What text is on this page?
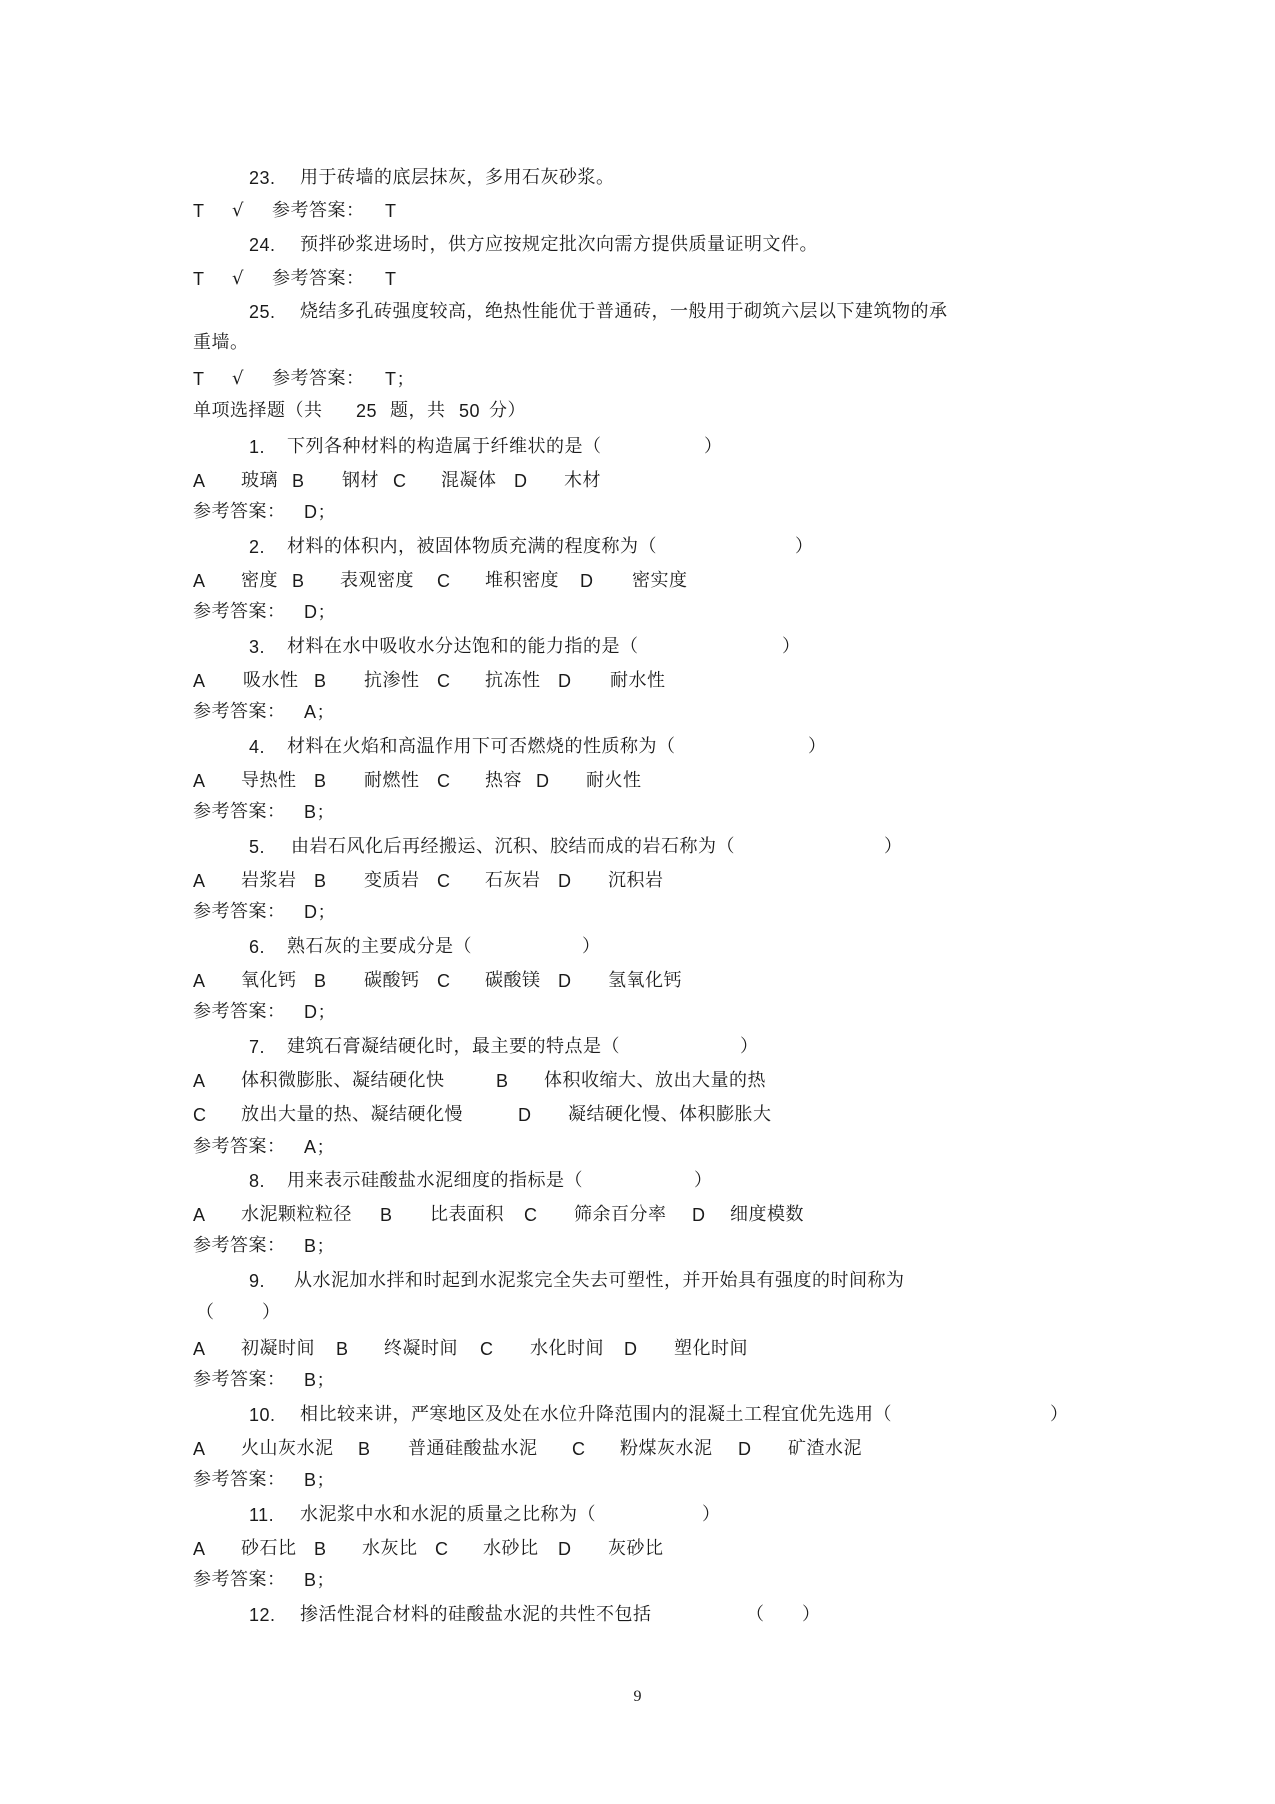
23. 用于砖墙的底层抹灰，多用石灰砂浆。
T √ 参考答案： T
24. 预拌砂浆进场时，供方应按规定批次向需方提供质量证明文件。
T √ 参考答案： T
25. 烧结多孔砖强度较高，绝热性能优于普通砖，一般用于砌筑六层以下建筑物的承
重墙。
T √ 参考答案： T；
单项选择题（共 25 题，共 50 分）
1. 下列各种材料的构造属于纤维状的是（	）
A 玻璃 B 钢材 C 混凝体 D 木材
参考答案： D；
2. 材料的体积内，被固体物质充满的程度称为（	）
A 密度 B 表观密度 C 堆积密度 D 密实度
参考答案： D；
3. 材料在水中吸收水分达饱和的能力指的是（	）
A 吸水性 B 抗渗性 C 抗冻性 D 耐水性
参考答案： A；
4. 材料在火焰和高温作用下可否燃烧的性质称为（	）
A 导热性 B 耐燃性 C 热容 D 耐火性
参考答案： B；
5. 由岩石风化后再经搬运、沉积、胶结而成的岩石称为（	）
A 岩浆岩 B 变质岩 C 石灰岩 D 沉积岩
参考答案： D；
6. 熟石灰的主要成分是（	）
A 氧化钙 B 碳酸钙 C 碳酸镁 D 氢氧化钙
参考答案： D；
7. 建筑石膏凝结硬化时，最主要的特点是（	）
A 体积微膨胀、凝结硬化快	B 体积收缩大、放出大量的热
C 放出大量的热、凝结硬化慢	D 凝结硬化慢、体积膨胀大
参考答案： A；
8. 用来表示硅酸盐水泥细度的指标是（	）
A 水泥颗粒粒径 B 比表面积 C 筛余百分率 D 细度模数
参考答案： B；
9. 从水泥加水拌和时起到水泥浆完全失去可塑性，并开始具有强度的时间称为
（	）
A 初凝时间 B 终凝时间 C 水化时间 D 塑化时间
参考答案： B；
10. 相比较来讲，严寒地区及处在水位升降范围内的混凝土工程宜优先选用（	）
A 火山灰水泥 B 普通硅酸盐水泥 C 粉煤灰水泥 D 矿渣水泥
参考答案： B；
11. 水泥浆中水和水泥的质量之比称为（	）
A 砂石比 B 水灰比 C 水砂比 D 灰砂比
参考答案： B；
12. 掺活性混合材料的硅酸盐水泥的共性不包括	（ ）
9
